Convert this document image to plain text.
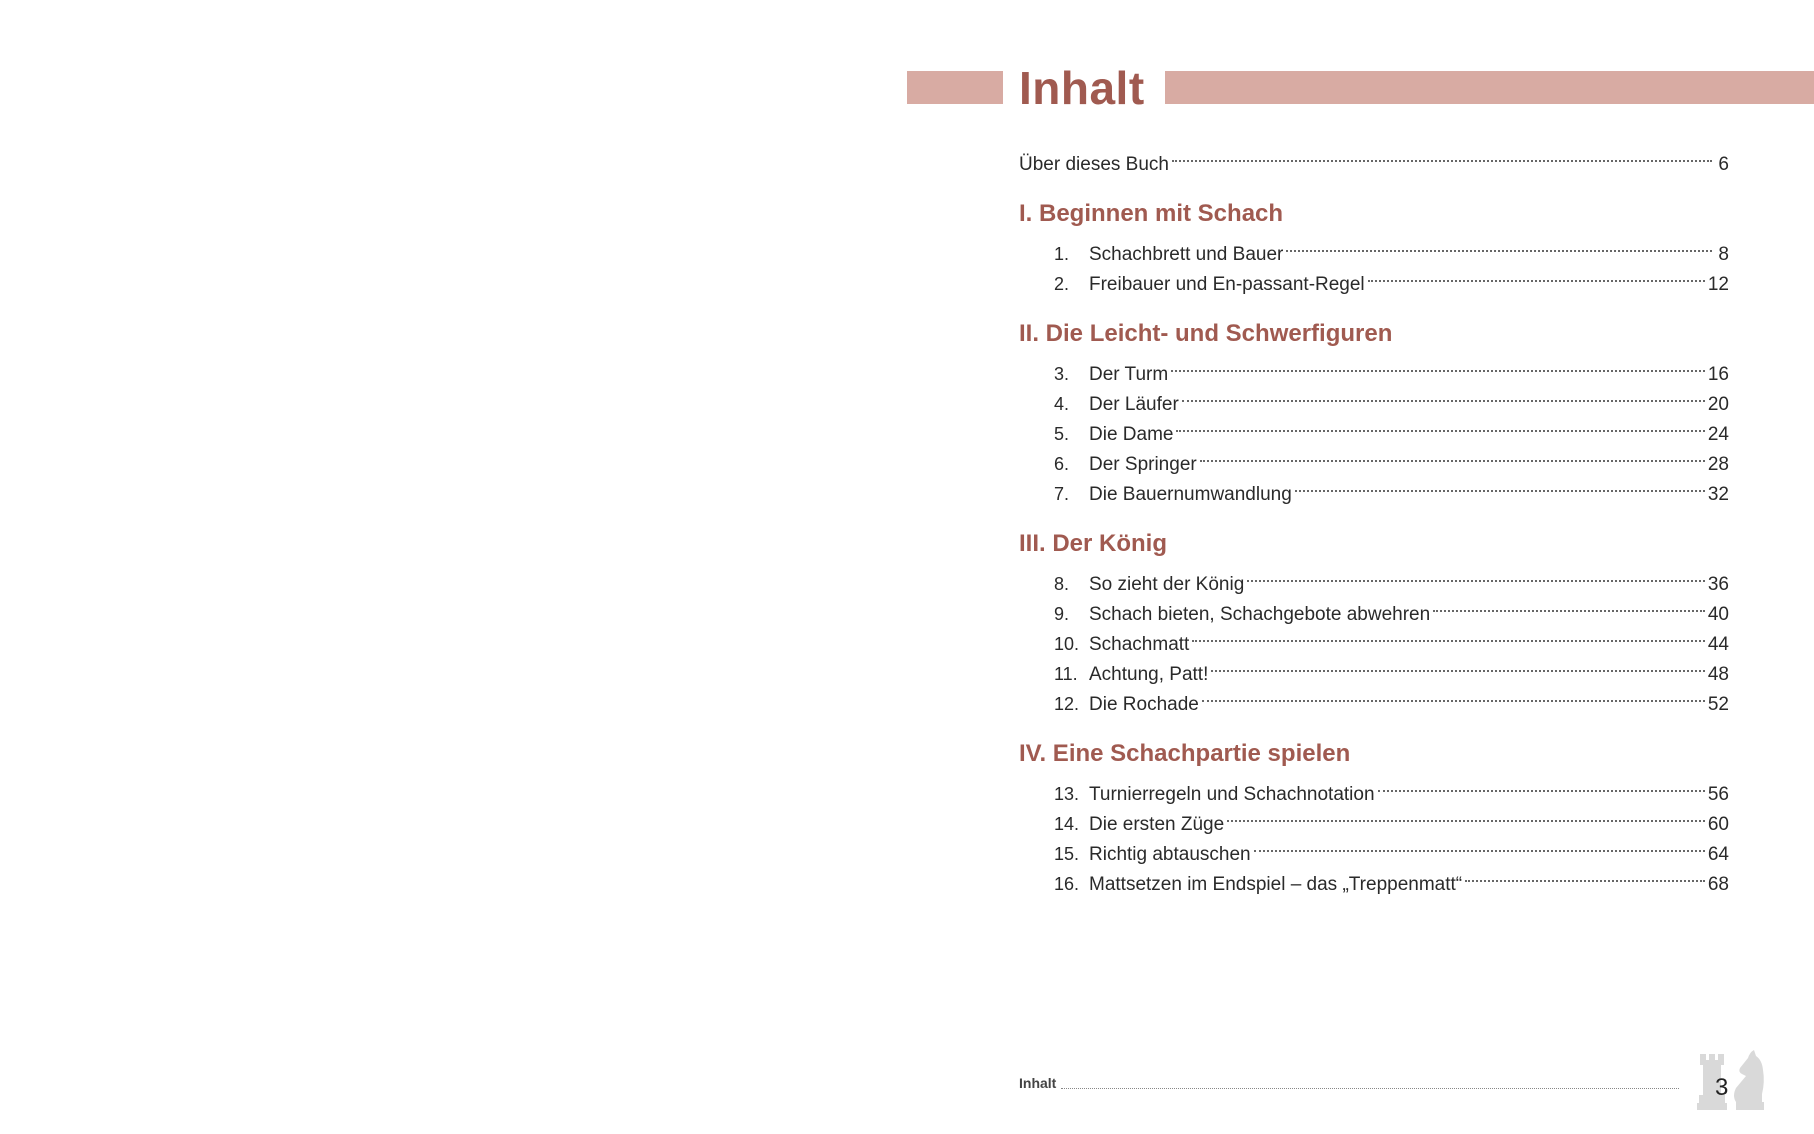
Inhalt
Über dieses Buch	6
I. Beginnen mit Schach
1.	Schachbrett und Bauer	8
2.	Freibauer und En-passant-Regel	12
II. Die Leicht- und Schwerfiguren
3.	Der Turm	16
4.	Der Läufer	20
5.	Die Dame	24
6.	Der Springer	28
7.	Die Bauernumwandlung	32
III. Der König
8.	So zieht der König	36
9.	Schach bieten, Schachgebote abwehren	40
10. Schachmatt	44
11. Achtung, Patt!	48
12. Die Rochade	52
IV. Eine Schachpartie spielen
13. Turnierregeln und Schachnotation	56
14. Die ersten Züge	60
15. Richtig abtauschen	64
16. Mattsetzen im Endspiel – das „Treppenmatt“	68
Inhalt	3
